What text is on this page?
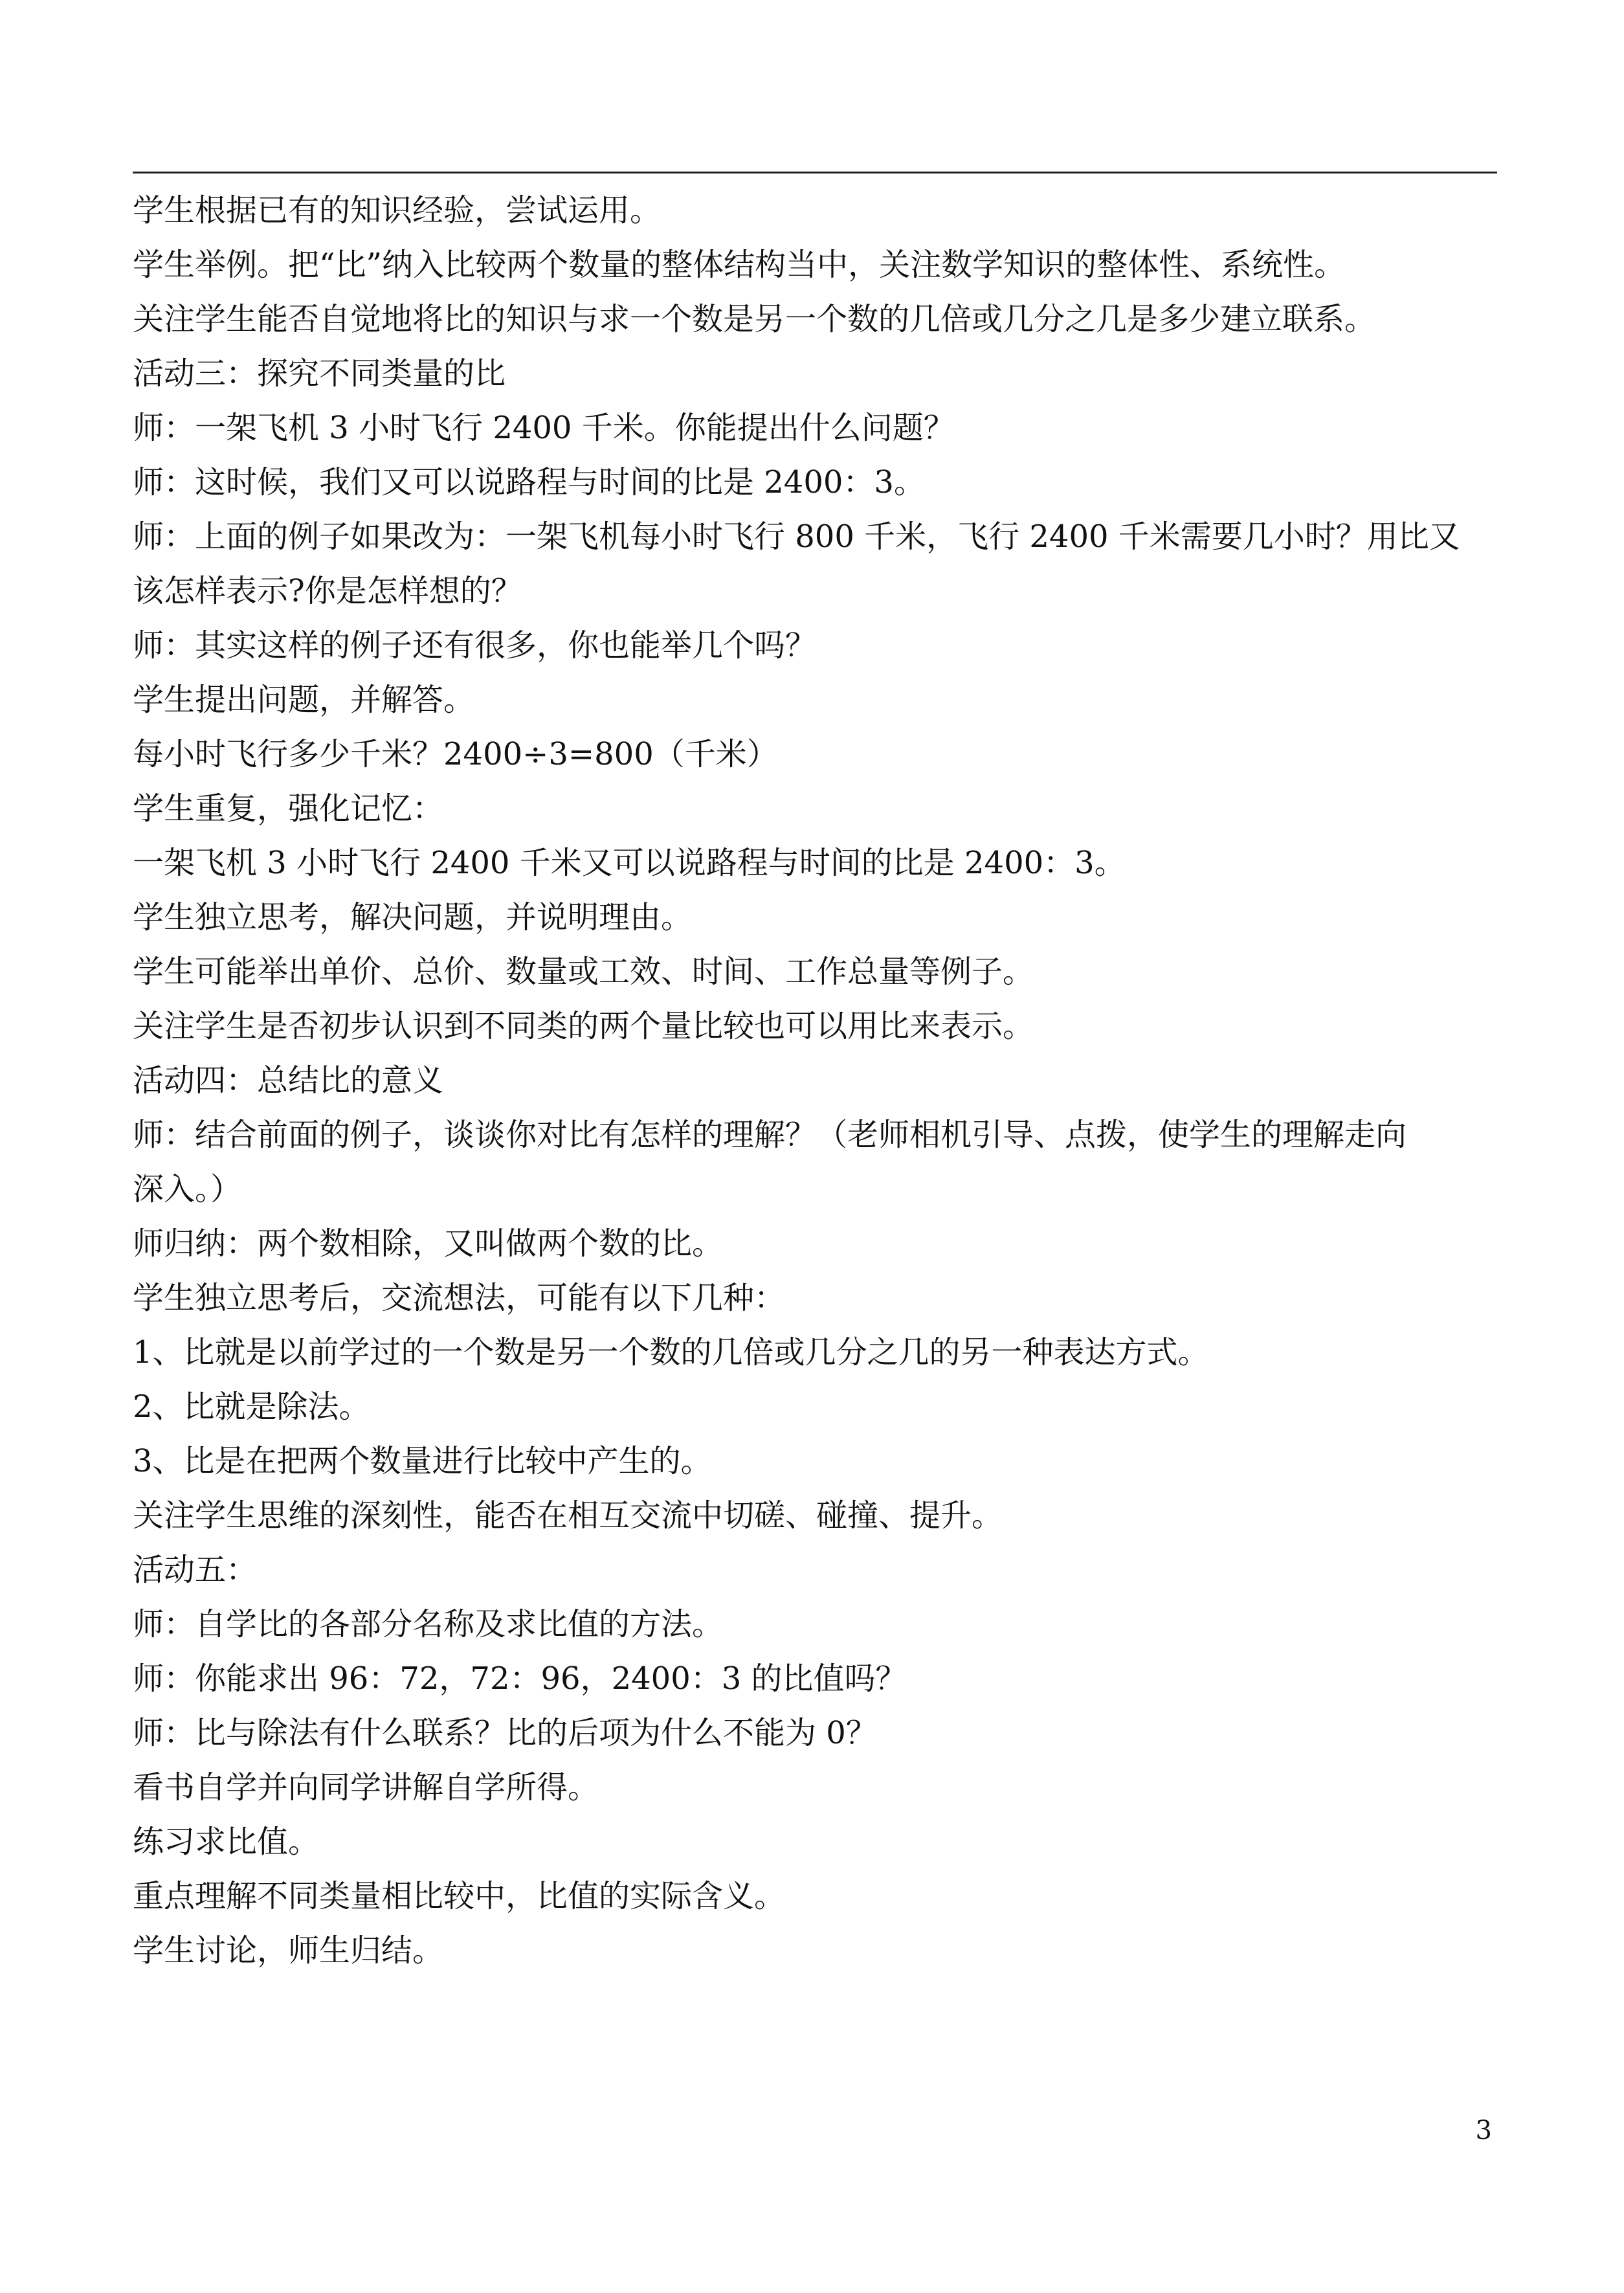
学生根据已有的知识经验，尝试运用。
学生举例。把“比”纳入比较两个数量的整体结构当中，关注数学知识的整体性、系统性。
关注学生能否自觉地将比的知识与求一个数是另一个数的几倍或几分之几是多少建立联系。
活动三：探究不同类量的比
师：一架飞机 3 小时飞行 2400 千米。你能提出什么问题？
师：这时候，我们又可以说路程与时间的比是 2400：3。
师：上面的例子如果改为：一架飞机每小时飞行 800 千米，飞行 2400 千米需要几小时？用比又
该怎样表示?你是怎样想的？
师：其实这样的例子还有很多，你也能举几个吗？
学生提出问题，并解答。
每小时飞行多少千米？2400÷3=800（千米）
学生重复，强化记忆：
一架飞机 3 小时飞行 2400 千米又可以说路程与时间的比是 2400：3。
学生独立思考，解决问题，并说明理由。
学生可能举出单价、总价、数量或工效、时间、工作总量等例子。
关注学生是否初步认识到不同类的两个量比较也可以用比来表示。
活动四：总结比的意义
师：结合前面的例子，谈谈你对比有怎样的理解？（老师相机引导、点拨，使学生的理解走向
深入。）
师归纳：两个数相除，又叫做两个数的比。
学生独立思考后，交流想法，可能有以下几种：
1、比就是以前学过的一个数是另一个数的几倍或几分之几的另一种表达方式。
2、比就是除法。
3、比是在把两个数量进行比较中产生的。
关注学生思维的深刻性，能否在相互交流中切磋、碰撞、提升。
活动五：
师：自学比的各部分名称及求比值的方法。
师：你能求出 96：72，72：96，2400：3 的比值吗？
师：比与除法有什么联系？比的后项为什么不能为 0？
看书自学并向同学讲解自学所得。
练习求比值。
重点理解不同类量相比较中，比值的实际含义。
学生讨论，师生归结。
3
